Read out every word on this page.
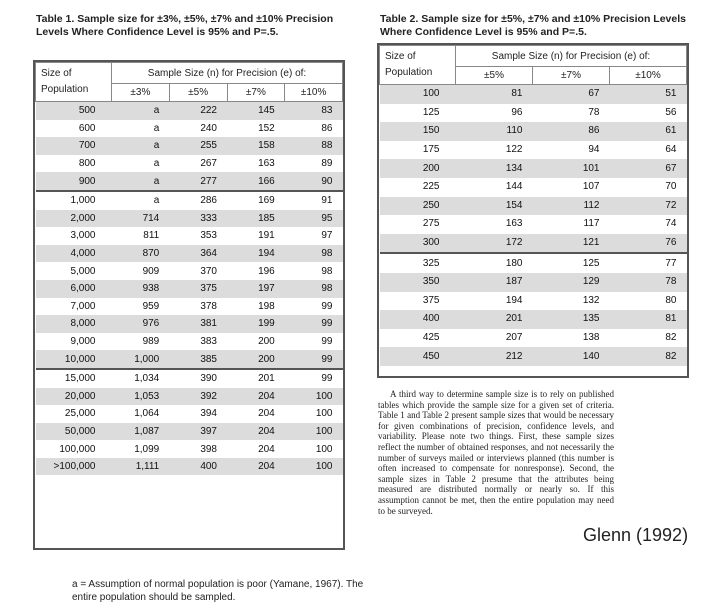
Table 1. Sample size for ±3%, ±5%, ±7% and ±10% Precision Levels Where Confidence Level is 95% and P=.5.
Size of Population	Sample Size (n) for Precision (e) of:			
	±3%	±5%	±7%	±10%
500	a	222	145	83
600	a	240	152	86
700	a	255	158	88
800	a	267	163	89
900	a	277	166	90
1,000	a	286	169	91
2,000	714	333	185	95
3,000	811	353	191	97
4,000	870	364	194	98
5,000	909	370	196	98
6,000	938	375	197	98
7,000	959	378	198	99
8,000	976	381	199	99
9,000	989	383	200	99
10,000	1,000	385	200	99
15,000	1,034	390	201	99
20,000	1,053	392	204	100
25,000	1,064	394	204	100
50,000	1,087	397	204	100
100,000	1,099	398	204	100
>100,000	1,111	400	204	100
a = Assumption of normal population is poor (Yamane, 1967). The entire population should be sampled.
Table 2. Sample size for ±5%, ±7% and ±10% Precision Levels Where Confidence Level is 95% and P=.5.
Size of Population	Sample Size (n) for Precision (e) of:		
	±5%	±7%	±10%
100	81	67	51
125	96	78	56
150	110	86	61
175	122	94	64
200	134	101	67
225	144	107	70
250	154	112	72
275	163	117	74
300	172	121	76
325	180	125	77
350	187	129	78
375	194	132	80
400	201	135	81
425	207	138	82
450	212	140	82
A third way to determine sample size is to rely on published tables which provide the sample size for a given set of criteria. Table 1 and Table 2 present sample sizes that would be necessary for given combinations of precision, confidence levels, and variability. Please note two things. First, these sample sizes reflect the number of obtained responses, and not necessarily the number of surveys mailed or interviews planned (this number is often increased to compensate for nonresponse). Second, the sample sizes in Table 2 presume that the attributes being measured are distributed normally or nearly so. If this assumption cannot be met, then the entire population may need to be surveyed.
Glenn (1992)
